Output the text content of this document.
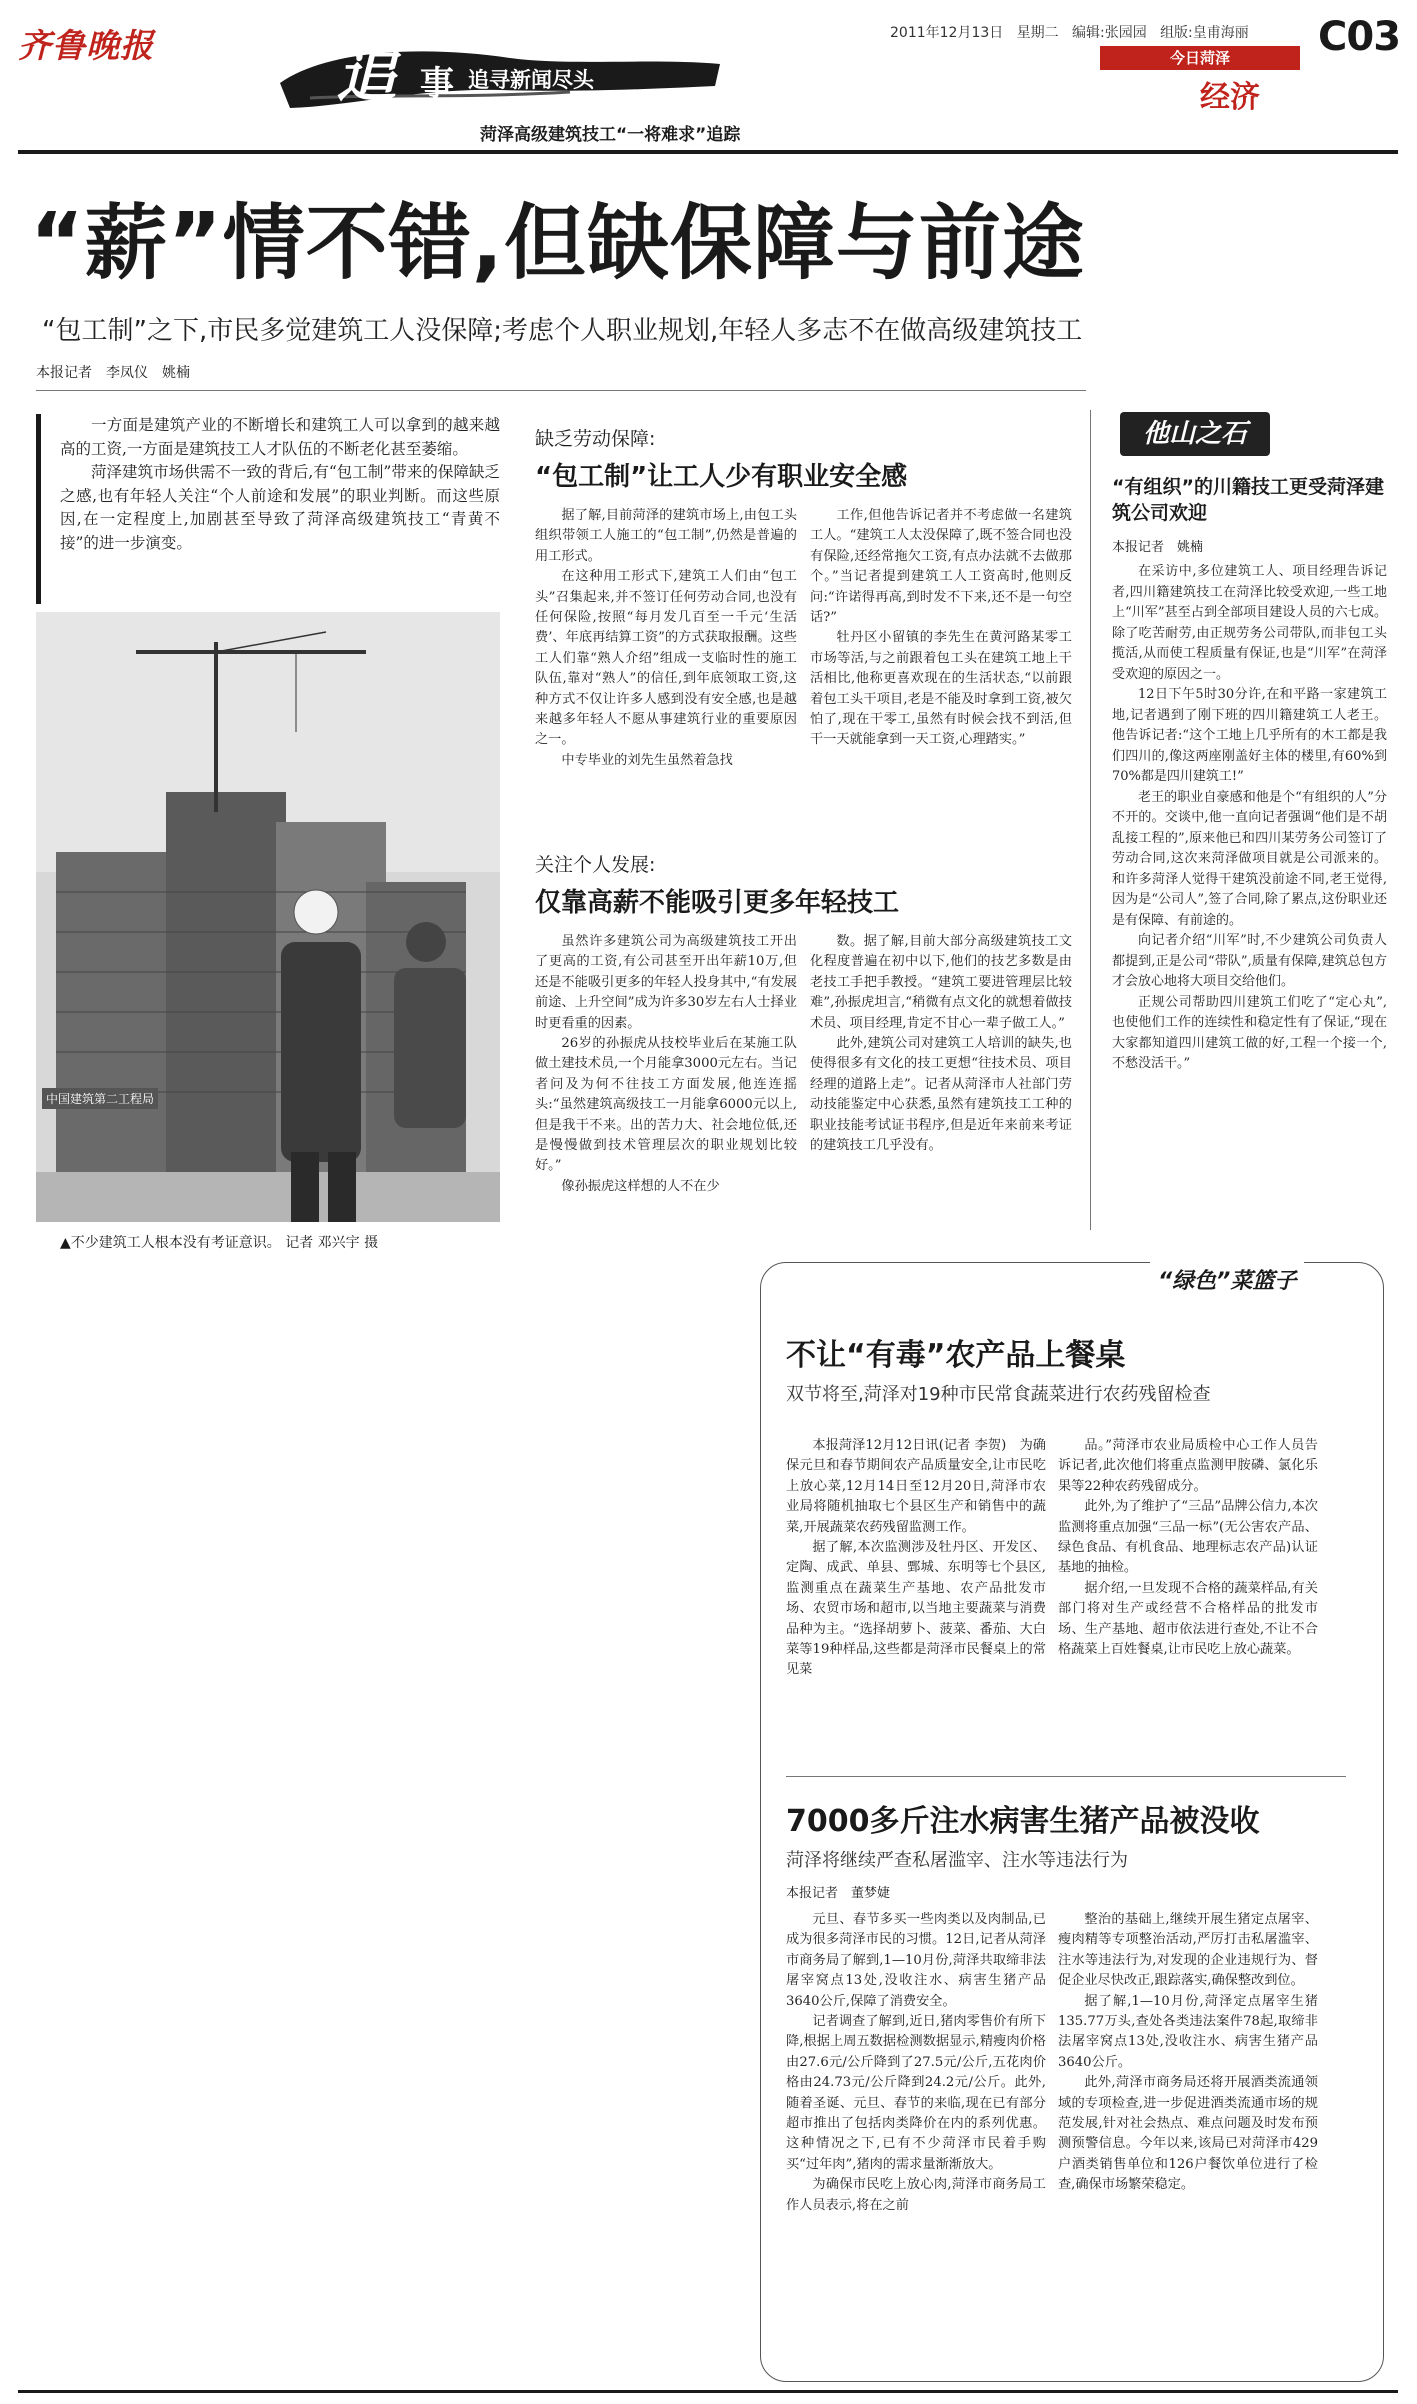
齐鲁晚报	追 事 追寻新闻尽头
菏泽高级建筑技工“一将难求”追踪
2011年12月13日 星期二 编辑:张园园 组版:皇甫海丽 C03
今日菏泽
经济
“薪”情不错,但缺保障与前途
“包工制”之下,市民多觉建筑工人没保障;考虑个人职业规划,年轻人多志不在做高级建筑技工
本报记者　李凤仪　姚楠

一方面是建筑产业的不断增长和建筑工人可以拿到的越来越高的工资,一方面是建筑技工人才队伍的不断老化甚至萎缩。

菏泽建筑市场供需不一致的背后,有“包工制”带来的保障缺乏之感,也有年轻人关注“个人前途和发展”的职业判断。而这些原因,在一定程度上,加剧甚至导致了菏泽高级建筑技工“青黄不接”的进一步演变。

中国建筑第二工程局
▲不少建筑工人根本没有考证意识。 记者 邓兴宇 摄
缺乏劳动保障:
“包工制”让工人少有职业安全感

据了解,目前菏泽的建筑市场上,由包工头组织带领工人施工的“包工制”,仍然是普遍的用工形式。

在这种用工形式下,建筑工人们由“包工头”召集起来,并不签订任何劳动合同,也没有任何保险,按照“每月发几百至一千元‘生活费’、年底再结算工资”的方式获取报酬。这些工人们靠“熟人介绍”组成一支临时性的施工队伍,靠对“熟人”的信任,到年底领取工资,这种方式不仅让许多人感到没有安全感,也是越来越多年轻人不愿从事建筑行业的重要原因之一。

中专毕业的刘先生虽然着急找

工作,但他告诉记者并不考虑做一名建筑工人。“建筑工人太没保障了,既不签合同也没有保险,还经常拖欠工资,有点办法就不去做那个。”当记者提到建筑工人工资高时,他则反问:“许诺得再高,到时发不下来,还不是一句空话?”

牡丹区小留镇的李先生在黄河路某零工市场等活,与之前跟着包工头在建筑工地上干活相比,他称更喜欢现在的生活状态,“以前跟着包工头干项目,老是不能及时拿到工资,被欠怕了,现在干零工,虽然有时候会找不到活,但干一天就能拿到一天工资,心理踏实。”

关注个人发展:
仅靠高薪不能吸引更多年轻技工

虽然许多建筑公司为高级建筑技工开出了更高的工资,有公司甚至开出年薪10万,但还是不能吸引更多的年轻人投身其中,“有发展前途、上升空间”成为许多30岁左右人士择业时更看重的因素。

26岁的孙振虎从技校毕业后在某施工队做土建技术员,一个月能拿3000元左右。当记者问及为何不往技工方面发展,他连连摇头:“虽然建筑高级技工一月能拿6000元以上,但是我干不来。出的苦力大、社会地位低,还是慢慢做到技术管理层次的职业规划比较好。”

像孙振虎这样想的人不在少

数。据了解,目前大部分高级建筑技工文化程度普遍在初中以下,他们的技艺多数是由老技工手把手教授。“建筑工要进管理层比较难”,孙振虎坦言,“稍微有点文化的就想着做技术员、项目经理,肯定不甘心一辈子做工人。”

此外,建筑公司对建筑工人培训的缺失,也使得很多有文化的技工更想“往技术员、项目经理的道路上走”。记者从菏泽市人社部门劳动技能鉴定中心获悉,虽然有建筑技工工种的职业技能考试证书程序,但是近年来前来考证的建筑技工几乎没有。

他山之石
“有组织”的川籍技工更受菏泽建筑公司欢迎
本报记者　姚楠

在采访中,多位建筑工人、项目经理告诉记者,四川籍建筑技工在菏泽比较受欢迎,一些工地上“川军”甚至占到全部项目建设人员的六七成。除了吃苦耐劳,由正规劳务公司带队,而非包工头揽活,从而使工程质量有保证,也是“川军”在菏泽受欢迎的原因之一。

12日下午5时30分许,在和平路一家建筑工地,记者遇到了刚下班的四川籍建筑工人老王。他告诉记者:“这个工地上几乎所有的木工都是我们四川的,像这两座刚盖好主体的楼里,有60%到70%都是四川建筑工!”

老王的职业自豪感和他是个“有组织的人”分不开的。交谈中,他一直向记者强调“他们是不胡乱接工程的”,原来他已和四川某劳务公司签订了劳动合同,这次来菏泽做项目就是公司派来的。和许多菏泽人觉得干建筑没前途不同,老王觉得,因为是“公司人”,签了合同,除了累点,这份职业还是有保障、有前途的。

向记者介绍“川军”时,不少建筑公司负责人都提到,正是公司“带队”,质量有保障,建筑总包方才会放心地将大项目交给他们。

正规公司帮助四川建筑工们吃了“定心丸”,也使他们工作的连续性和稳定性有了保证,“现在大家都知道四川建筑工做的好,工程一个接一个,不愁没活干。”

“绿色”菜篮子
不让“有毒”农产品上餐桌
双节将至,菏泽对19种市民常食蔬菜进行农药残留检查

本报菏泽12月12日讯(记者 李贺)　为确保元旦和春节期间农产品质量安全,让市民吃上放心菜,12月14日至12月20日,菏泽市农业局将随机抽取七个县区生产和销售中的蔬菜,开展蔬菜农药残留监测工作。

据了解,本次监测涉及牡丹区、开发区、定陶、成武、单县、鄄城、东明等七个县区,监测重点在蔬菜生产基地、农产品批发市场、农贸市场和超市,以当地主要蔬菜与消费品种为主。“选择胡萝卜、菠菜、番茄、大白菜等19种样品,这些都是菏泽市民餐桌上的常见菜

品。”菏泽市农业局质检中心工作人员告诉记者,此次他们将重点监测甲胺磷、氯化乐果等22种农药残留成分。

此外,为了维护了“三品”品牌公信力,本次监测将重点加强“三品一标”(无公害农产品、绿色食品、有机食品、地理标志农产品)认证基地的抽检。

据介绍,一旦发现不合格的蔬菜样品,有关部门将对生产或经营不合格样品的批发市场、生产基地、超市依法进行查处,不让不合格蔬菜上百姓餐桌,让市民吃上放心蔬菜。

7000多斤注水病害生猪产品被没收
菏泽将继续严查私屠滥宰、注水等违法行为
本报记者　董梦婕

元旦、春节多买一些肉类以及肉制品,已成为很多菏泽市民的习惯。12日,记者从菏泽市商务局了解到,1—10月份,菏泽共取缔非法屠宰窝点13处,没收注水、病害生猪产品3640公斤,保障了消费安全。

记者调查了解到,近日,猪肉零售价有所下降,根据上周五数据检测数据显示,精瘦肉价格由27.6元/公斤降到了27.5元/公斤,五花肉价格由24.73元/公斤降到24.2元/公斤。此外,随着圣诞、元旦、春节的来临,现在已有部分超市推出了包括肉类降价在内的系列优惠。这种情况之下,已有不少菏泽市民着手购买“过年肉”,猪肉的需求量渐渐放大。

为确保市民吃上放心肉,菏泽市商务局工作人员表示,将在之前

整治的基础上,继续开展生猪定点屠宰、瘦肉精等专项整治活动,严厉打击私屠滥宰、注水等违法行为,对发现的企业违规行为、督促企业尽快改正,跟踪落实,确保整改到位。

据了解,1—10月份,菏泽定点屠宰生猪135.77万头,查处各类违法案件78起,取缔非法屠宰窝点13处,没收注水、病害生猪产品3640公斤。

此外,菏泽市商务局还将开展酒类流通领域的专项检查,进一步促进酒类流通市场的规范发展,针对社会热点、难点问题及时发布预测预警信息。今年以来,该局已对菏泽市429户酒类销售单位和126户餐饮单位进行了检查,确保市场繁荣稳定。
